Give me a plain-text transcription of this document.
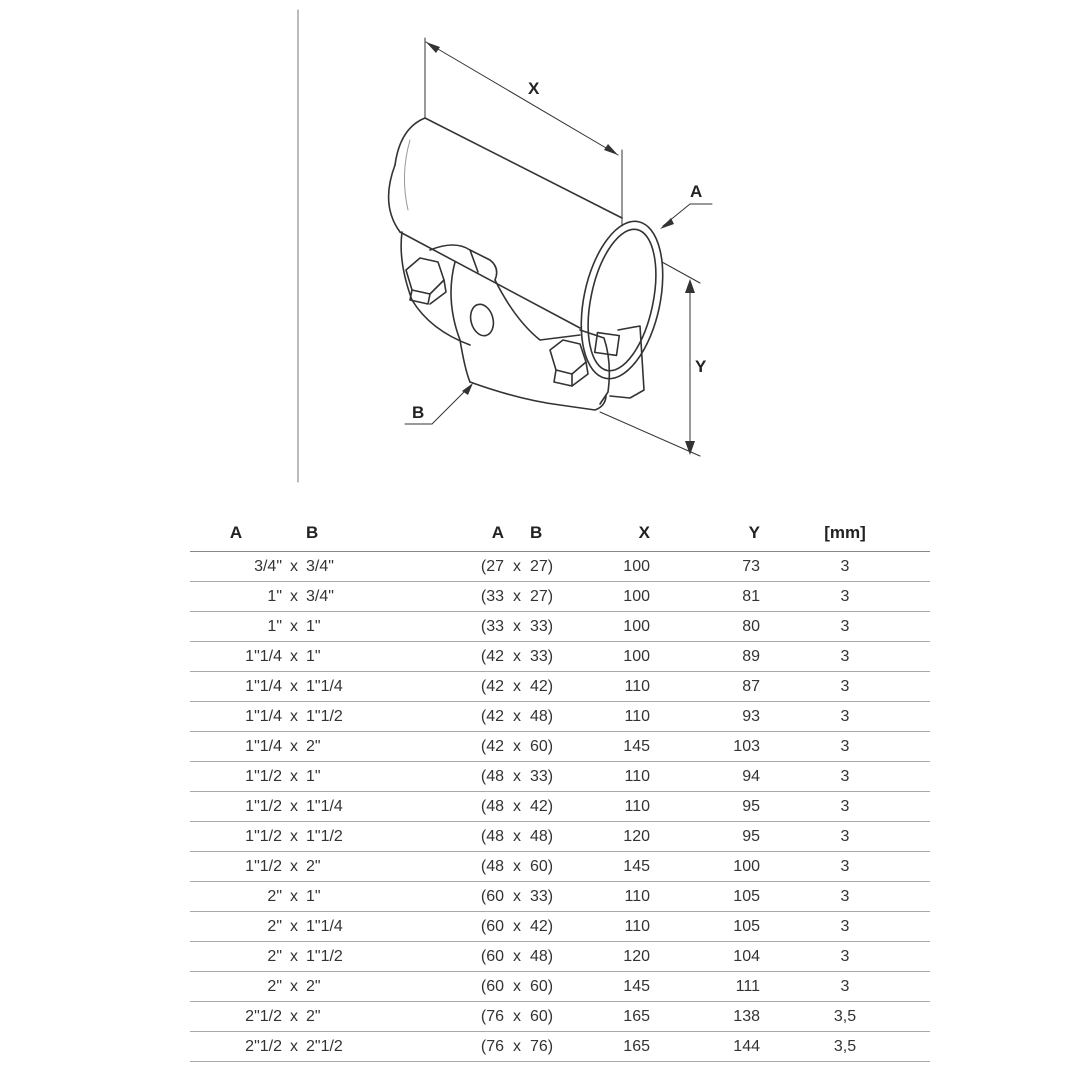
X
Y
A
B
A		B	A		B	X	Y	[mm]
3/4"	x	3/4"	(27	x	27)	100	73	3
1"	x	3/4"	(33	x	27)	100	81	3
1"	x	1"	(33	x	33)	100	80	3
1"1/4	x	1"	(42	x	33)	100	89	3
1"1/4	x	1"1/4	(42	x	42)	110	87	3
1"1/4	x	1"1/2	(42	x	48)	110	93	3
1"1/4	x	2"	(42	x	60)	145	103	3
1"1/2	x	1"	(48	x	33)	110	94	3
1"1/2	x	1"1/4	(48	x	42)	110	95	3
1"1/2	x	1"1/2	(48	x	48)	120	95	3
1"1/2	x	2"	(48	x	60)	145	100	3
2"	x	1"	(60	x	33)	110	105	3
2"	x	1"1/4	(60	x	42)	110	105	3
2"	x	1"1/2	(60	x	48)	120	104	3
2"	x	2"	(60	x	60)	145	111	3
2"1/2	x	2"	(76	x	60)	165	138	3,5
2"1/2	x	2"1/2	(76	x	76)	165	144	3,5
